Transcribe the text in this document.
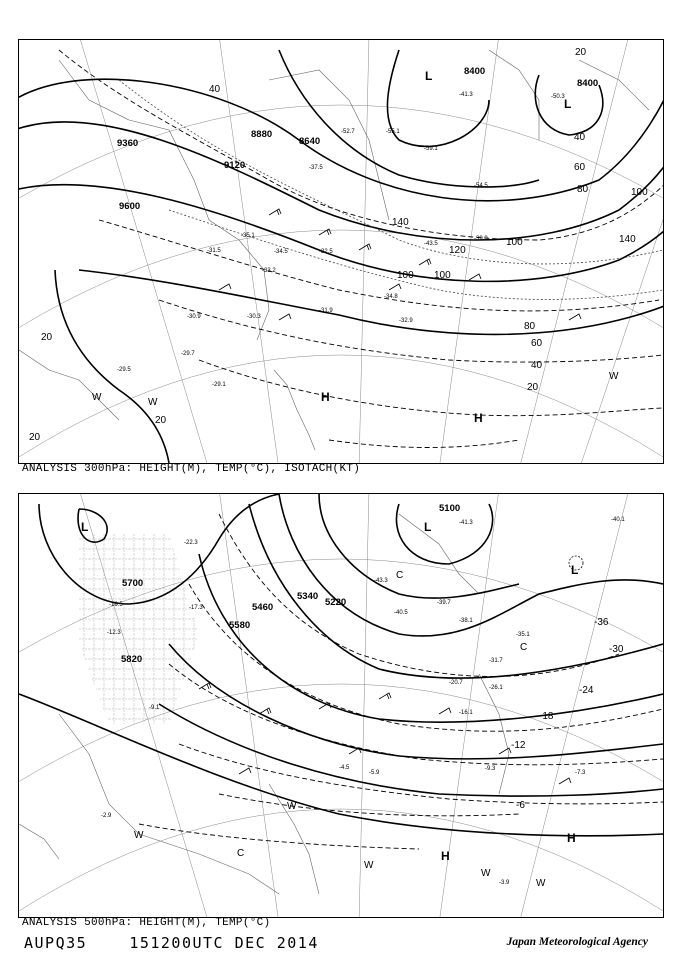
-29.7
-29.1
-29.5
-30.9
-31.5	-32.5
-34.5
-35.1
-43.5
-50.3
-52.7	-55.1
-59.1
-41.3
-39.9
-34.8
-32.9
-31.9
-30.3
-33.2
-37.5
-54.5
9360
9120
8880
8640
8400
8400
9600
20
20
20
20
20
40
40
40
60
60
80
80
100 100
100
100
120
140
140
L
L
H
H
W	W
W
ANALYSIS 300hPa: HEIGHT(M), TEMP(°C), ISOTACH(KT)
-22.3
-17.3
-16.5
-12.3
-9.1
-5.9
-4.5
-2.9
-3.9
-7.3
-9.3
-26.1
-31.7
-41.3
-43.3
-40.5
-39.7
-35.1
-38.1
-40.1
-20.7
-16.1
5100
5700
5460
5580
5820
5340
5220
-36
-30
-24
-18
-12
-6
L	L
L
H
H
C
C
C
W
W
W
W
W
ANALYSIS 500hPa: HEIGHT(M), TEMP(°C)
AUPQ35	151200UTC DEC 2014	Japan Meteorological Agency
